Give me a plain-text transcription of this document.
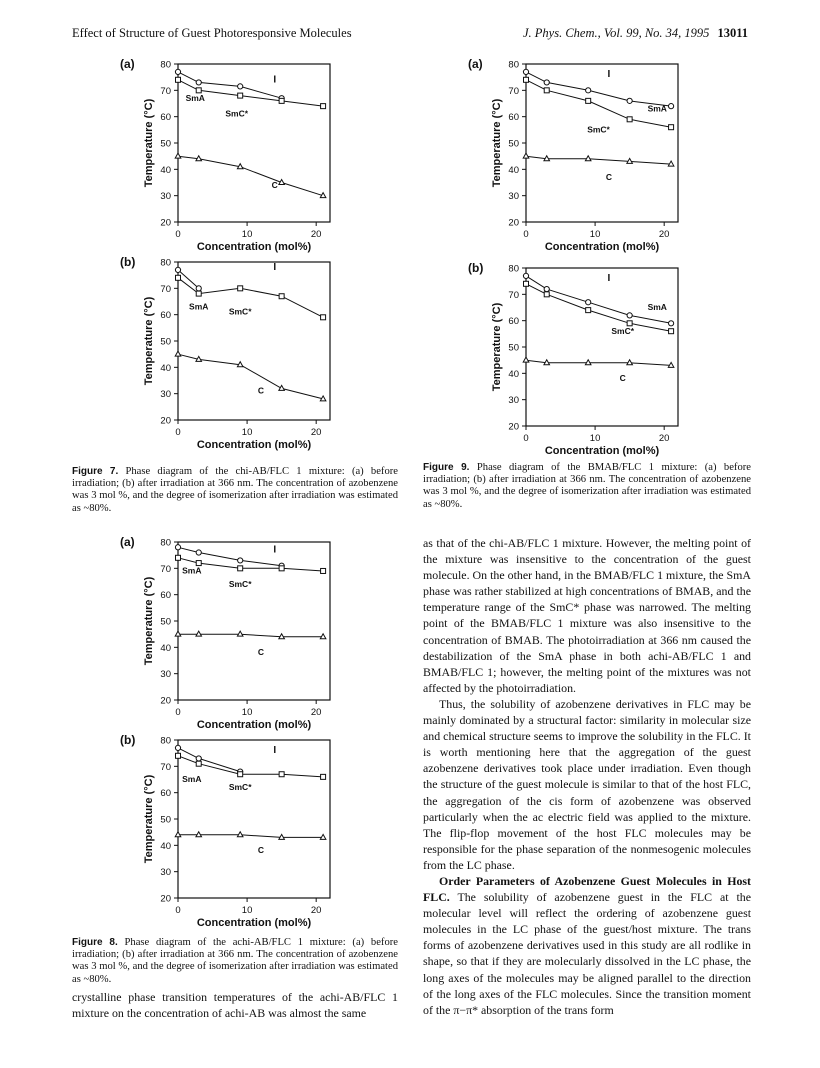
Effect of Structure of Guest Photoresponsive Molecules	J. Phys. Chem., Vol. 99, No. 34, 1995 13011
(a)
20
30
40
50
60
70
80
0	10	20
Concentration (mol%)
Temperature (°C)
I
SmA
SmC*
C
(b)
20
30
40
50
60
70
80
0	10	20
Concentration (mol%)
Temperature (°C)
I
SmA
SmC*
C
(a)
20
30
40
50
60
70
80
0	10	20
Concentration (mol%)
Temperature (°C)
I
SmA
SmC*
C
(b)
20
30
40
50
60
70
80
0	10	20
Concentration (mol%)
Temperature (°C)
I
SmA
SmC*
C
(a)
20
30
40
50
60
70
80
0	10	20
Concentration (mol%)
Temperature (°C)
I
SmA
SmC*
C
(b)
20
30
40
50
60
70
80
0	10	20
Concentration (mol%)
Temperature (°C)
I
SmA
SmC*
C
Figure 7. Phase diagram of the chi-AB/FLC 1 mixture: (a) before irradiation; (b) after irradiation at 366 nm. The concentration of azobenzene was 3 mol %, and the degree of isomerization after irradiation was estimated as ~80%.
Figure 8. Phase diagram of the achi-AB/FLC 1 mixture: (a) before irradiation; (b) after irradiation at 366 nm. The concentration of azobenzene was 3 mol %, and the degree of isomerization after irradiation was estimated as ~80%.
Figure 9. Phase diagram of the BMAB/FLC 1 mixture: (a) before irradiation; (b) after irradiation at 366 nm. The concentration of azobenzene was 3 mol %, and the degree of isomerization after irradiation was estimated as ~80%.

as that of the chi-AB/FLC 1 mixture. However, the melting point of the mixture was insensitive to the concentration of the guest molecule. On the other hand, in the BMAB/FLC 1 mixture, the SmA phase was rather stabilized at high concentrations of BMAB, and the temperature range of the SmC* phase was narrowed. The melting point of the BMAB/FLC 1 mixture was also insensitive to the concentration of BMAB. The photoirradiation at 366 nm caused the destabilization of the SmA phase in both achi-AB/FLC 1 and BMAB/FLC 1; however, the melting point of the mixtures was not affected by the photoirradiation.

Thus, the solubility of azobenzene derivatives in FLC may be mainly dominated by a structural factor: similarity in molecular size and chemical structure seems to improve the solubility in the FLC. It is worth mentioning here that the aggregation of the guest azobenzene derivatives took place under irradiation. Even though the structure of the guest molecule is similar to that of the host FLC, the aggregation of the cis form of azobenzene was observed particularly when the ac electric field was applied to the mixture. The flip-flop movement of the host FLC molecules may be responsible for the phase separation of the nonmesogenic molecules from the LC phase.

Order Parameters of Azobenzene Guest Molecules in Host FLC. The solubility of azobenzene guest in the FLC at the molecular level will reflect the ordering of azobenzene guest molecules in the LC phase of the guest/host mixture. The trans forms of azobenzene derivatives used in this study are all rodlike in shape, so that if they are molecularly dissolved in the LC phase, the long axes of the molecules may be aligned parallel to the direction of the long axes of the FLC molecules. Since the transition moment of the π−π* absorption of the trans form

crystalline phase transition temperatures of the achi-AB/FLC 1 mixture on the concentration of achi-AB was almost the same
